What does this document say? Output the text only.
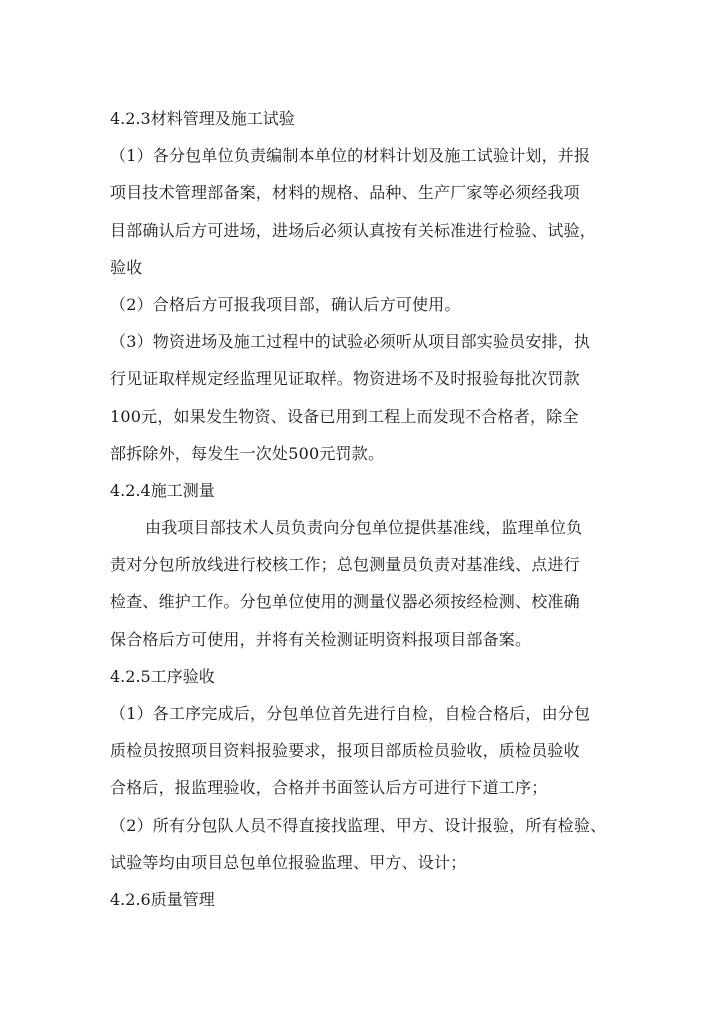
4.2.3材料管理及施工试验
（1）各分包单位负责编制本单位的材料计划及施工试验计划，并报
项目技术管理部备案，材料的规格、品种、生产厂家等必须经我项
目部确认后方可进场，进场后必须认真按有关标准进行检验、试验，
验收
（2）合格后方可报我项目部，确认后方可使用。
（3）物资进场及施工过程中的试验必须听从项目部实验员安排，执
行见证取样规定经监理见证取样。物资进场不及时报验每批次罚款
100元，如果发生物资、设备已用到工程上而发现不合格者，除全
部拆除外，每发生一次处500元罚款。
4.2.4施工测量
由我项目部技术人员负责向分包单位提供基准线，监理单位负
责对分包所放线进行校核工作；总包测量员负责对基准线、点进行
检查、维护工作。分包单位使用的测量仪器必须按经检测、校准确
保合格后方可使用，并将有关检测证明资料报项目部备案。
4.2.5工序验收
（1）各工序完成后，分包单位首先进行自检，自检合格后，由分包
质检员按照项目资料报验要求，报项目部质检员验收，质检员验收
合格后，报监理验收，合格并书面签认后方可进行下道工序；
（2）所有分包队人员不得直接找监理、甲方、设计报验，所有检验、
试验等均由项目总包单位报验监理、甲方、设计；
4.2.6质量管理
